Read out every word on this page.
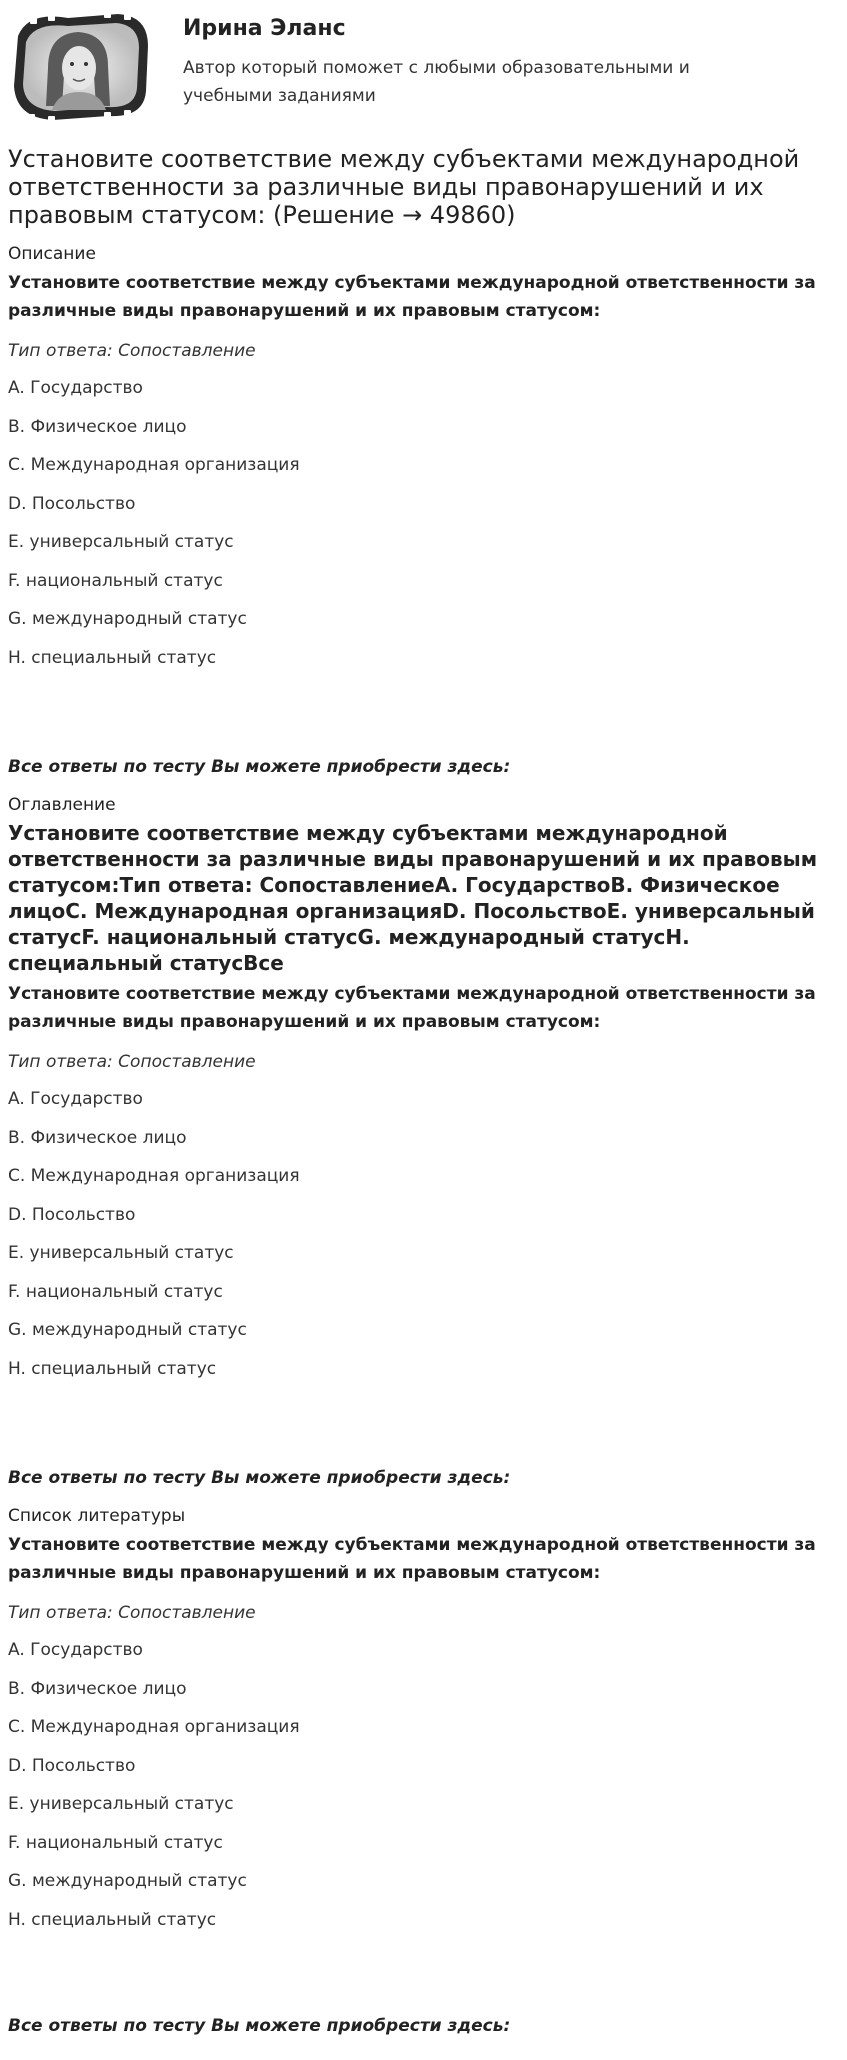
Ирина Эланс
Автор который поможет с любыми образовательными и учебными заданиями
Установите соответствие между субъектами международной ответственности за различные виды правонарушений и их правовым статусом: (Решение → 49860)
Описание
Установите соответствие между субъектами международной ответственности за различные виды правонарушений и их правовым статусом:
Тип ответа: Сопоставление
A. Государство
B. Физическое лицо
C. Международная организация
D. Посольство
E. универсальный статус
F. национальный статус
G. международный статус
H. специальный статус
Все ответы по тесту Вы можете приобрести здесь:
Оглавление
Установите соответствие между субъектами международной ответственности за различные виды правонарушений и их правовым статусом:Тип ответа: СопоставлениеA. ГосударствоB. Физическое лицоC. Международная организацияD. ПосольствоE. универсальный статусF. национальный статусG. международный статусH. специальный статусВсе
Установите соответствие между субъектами международной ответственности за различные виды правонарушений и их правовым статусом:
Тип ответа: Сопоставление
A. Государство
B. Физическое лицо
C. Международная организация
D. Посольство
E. универсальный статус
F. национальный статус
G. международный статус
H. специальный статус
Все ответы по тесту Вы можете приобрести здесь:
Список литературы
Установите соответствие между субъектами международной ответственности за различные виды правонарушений и их правовым статусом:
Тип ответа: Сопоставление
A. Государство
B. Физическое лицо
C. Международная организация
D. Посольство
E. универсальный статус
F. национальный статус
G. международный статус
H. специальный статус
Все ответы по тесту Вы можете приобрести здесь:
